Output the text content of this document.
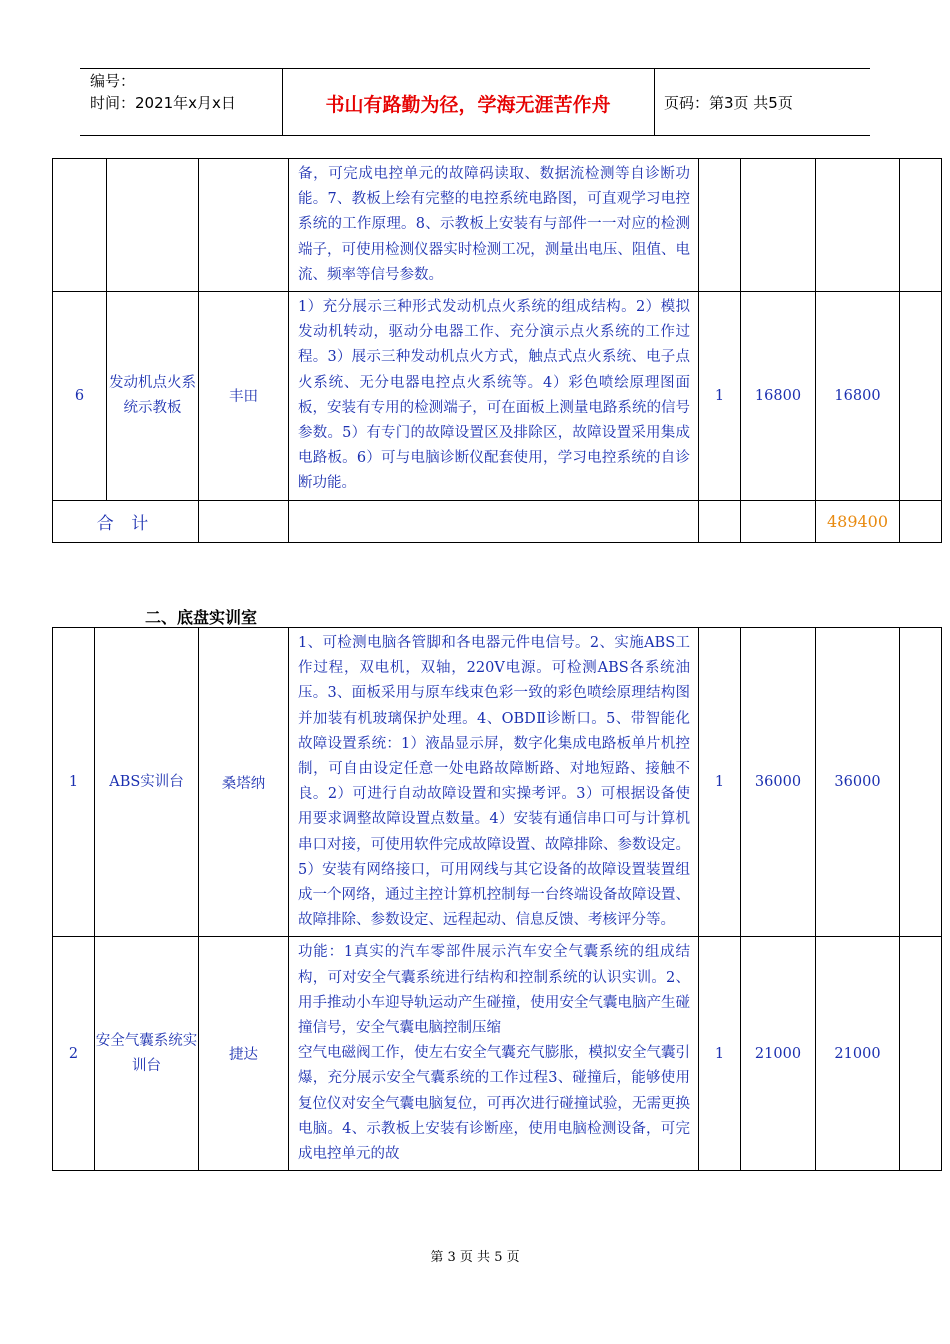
编号：
时间：2021年x月x日	书山有路勤为径，学海无涯苦作舟	页码：第3页 共5页
			备，可完成电控单元的故障码读取、数据流检测等自诊断功能。7、教板上绘有完整的电控系统电路图，可直观学习电控系统的工作原理。8、示教板上安装有与部件一一对应的检测端子，可使用检测仪器实时检测工况，测量出电压、阻值、电流、频率等信号参数。				
6	发动机点火系统示教板	丰田	1）充分展示三种形式发动机点火系统的组成结构。2）模拟发动机转动，驱动分电器工作、充分演示点火系统的工作过程。3）展示三种发动机点火方式，触点式点火系统、电子点火系统、无分电器电控点火系统等。4）彩色喷绘原理图面板，安装有专用的检测端子，可在面板上测量电路系统的信号参数。5）有专门的故障设置区及排除区，故障设置采用集成电路板。6）可与电脑诊断仪配套使用，学习电控系统的自诊断功能。	1	16800	16800	
合 计						489400	
二、底盘实训室
1	ABS实训台	桑塔纳	1、可检测电脑各管脚和各电器元件电信号。2、实施ABS工作过程，双电机，双轴，220V电源。可检测ABS各系统油压。3、面板采用与原车线束色彩一致的彩色喷绘原理结构图并加装有机玻璃保护处理。4、OBDⅡ诊断口。5、带智能化故障设置系统：1）液晶显示屏，数字化集成电路板单片机控制，可自由设定任意一处电路故障断路、对地短路、接触不良。2）可进行自动故障设置和实操考评。3）可根据设备使用要求调整故障设置点数量。4）安装有通信串口可与计算机串口对接，可使用软件完成故障设置、故障排除、参数设定。5）安装有网络接口，可用网线与其它设备的故障设置装置组成一个网络，通过主控计算机控制每一台终端设备故障设置、故障排除、参数设定、远程起动、信息反馈、考核评分等。	1	36000	36000	
2	安全气囊系统实训台	捷达	功能：1真实的汽车零部件展示汽车安全气囊系统的组成结构，可对安全气囊系统进行结构和控制系统的认识实训。2、用手推动小车迎导轨运动产生碰撞，使用安全气囊电脑产生碰撞信号，安全气囊电脑控制压缩
空气电磁阀工作，使左右安全气囊充气膨胀，模拟安全气囊引爆，充分展示安全气囊系统的工作过程3、碰撞后，能够使用复位仪对安全气囊电脑复位，可再次进行碰撞试验，无需更换电脑。4、示教板上安装有诊断座，使用电脑检测设备，可完成电控单元的故	1	21000	21000	
第 3 页 共 5 页
